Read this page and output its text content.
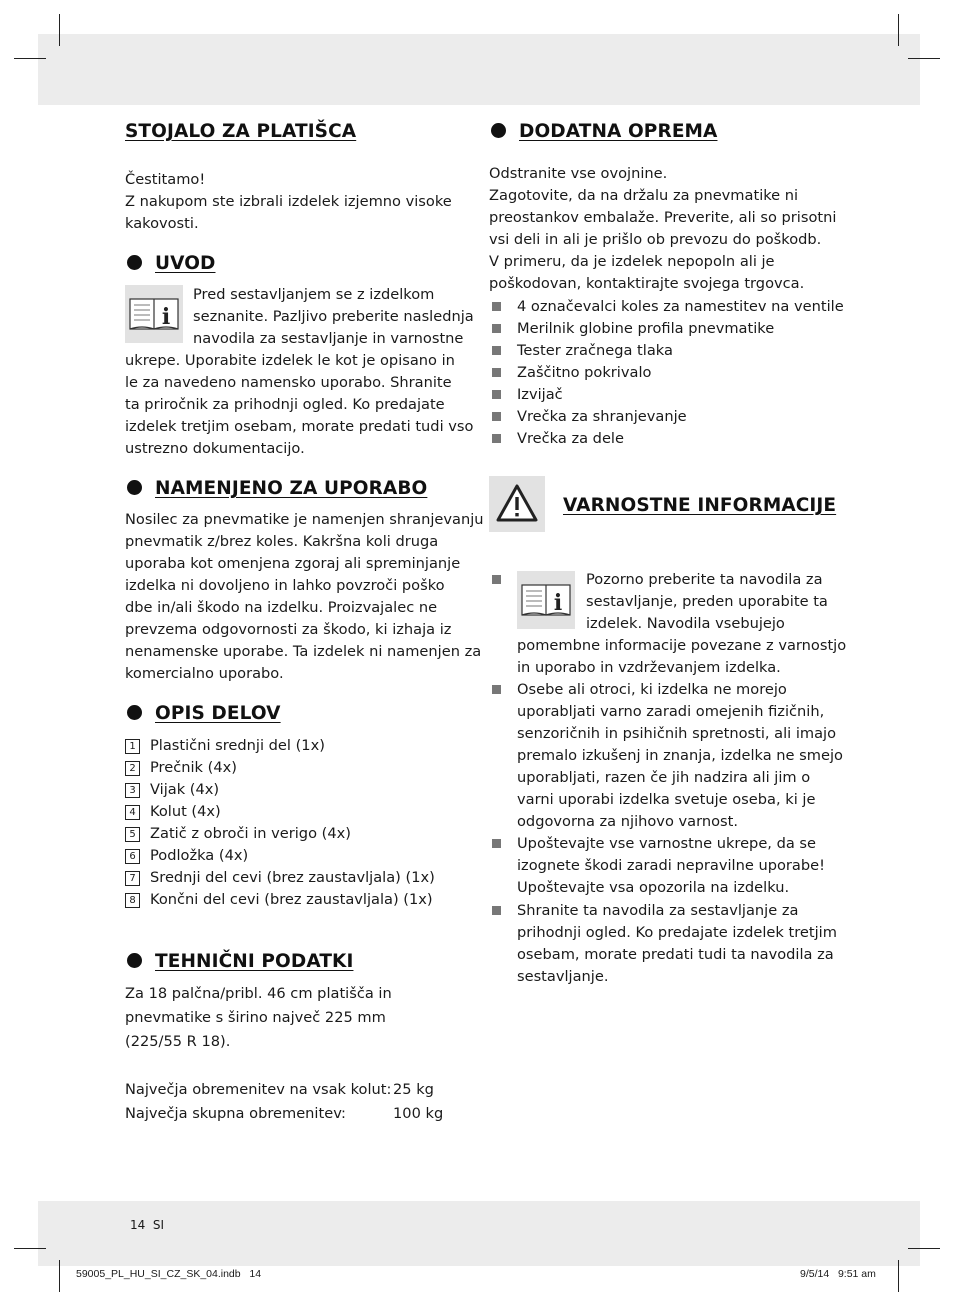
STOJALO ZA PLATIŠCA
Čestitamo!
Z nakupom ste izbrali izdelek izjemno visoke
kakovosti.
UVOD
i
Pred sestavljanjem se z izdelkom
seznanite. Pazljivo preberite naslednja
navodila za sestavljanje in varnostne
ukrepe. Uporabite izdelek le kot je opisano in
le za navedeno namensko uporabo. Shranite
ta priročnik za prihodnji ogled. Ko predajate
izdelek tretjim osebam, morate predati tudi vso
ustrezno dokumentacijo.
NAMENJENO ZA UPORABO
Nosilec za pnevmatike je namenjen shranjevanju
pnevmatik z/brez koles. Kakršna koli druga
uporaba kot omenjena zgoraj ali spreminjanje
izdelka ni dovoljeno in lahko povzroči poško
dbe in/ali škodo na izdelku. Proizvajalec ne
prevzema odgovornosti za škodo, ki izhaja iz
nenamenske uporabe. Ta izdelek ni namenjen za
komercialno uporabo.
OPIS DELOV
1 Plastični srednji del (1x)
2 Prečnik (4x)
3 Vijak (4x)
4 Kolut (4x)
5 Zatič z obroči in verigo (4x)
6 Podložka (4x)
7 Srednji del cevi (brez zaustavljala) (1x)
8 Končni del cevi (brez zaustavljala) (1x)
TEHNIČNI PODATKI
Za 18 palčna/pribl. 46 cm platišča in
pnevmatike s širino največ 225 mm
(225/55 R 18).
Največja obremenitev na vsak kolut: 25 kg
Največja skupna obremenitev:	100 kg
DODATNA OPREMA
Odstranite vse ovojnine.
Zagotovite, da na držalu za pnevmatike ni
preostankov embalaže. Preverite, ali so prisotni
vsi deli in ali je prišlo ob prevozu do poškodb.
V primeru, da je izdelek nepopoln ali je
poškodovan, kontaktirajte svojega trgovca.
4 označevalci koles za namestitev na ventile
Merilnik globine profila pnevmatike
Tester zračnega tlaka
Zaščitno pokrivalo
Izvijač
Vrečka za shranjevanje
Vrečka za dele
VARNOSTNE INFORMACIJE
i
Pozorno preberite ta navodila za
sestavljanje, preden uporabite ta
izdelek. Navodila vsebujejo
pomembne informacije povezane z varnostjo
in uporabo in vzdrževanjem izdelka.
Osebe ali otroci, ki izdelka ne morejo
uporabljati varno zaradi omejenih fizičnih,
senzoričnih in psihičnih spretnosti, ali imajo
premalo izkušenj in znanja, izdelka ne smejo
uporabljati, razen če jih nadzira ali jim o
varni uporabi izdelka svetuje oseba, ki je
odgovorna za njihovo varnost.
Upoštevajte vse varnostne ukrepe, da se
izognete škodi zaradi nepravilne uporabe!
Upoštevajte vsa opozorila na izdelku.
Shranite ta navodila za sestavljanje za
prihodnji ogled. Ko predajate izdelek tretjim
osebam, morate predati tudi ta navodila za
sestavljanje.
14 SI
59005_PL_HU_SI_CZ_SK_04.indb   14	9/5/14   9:51 am
